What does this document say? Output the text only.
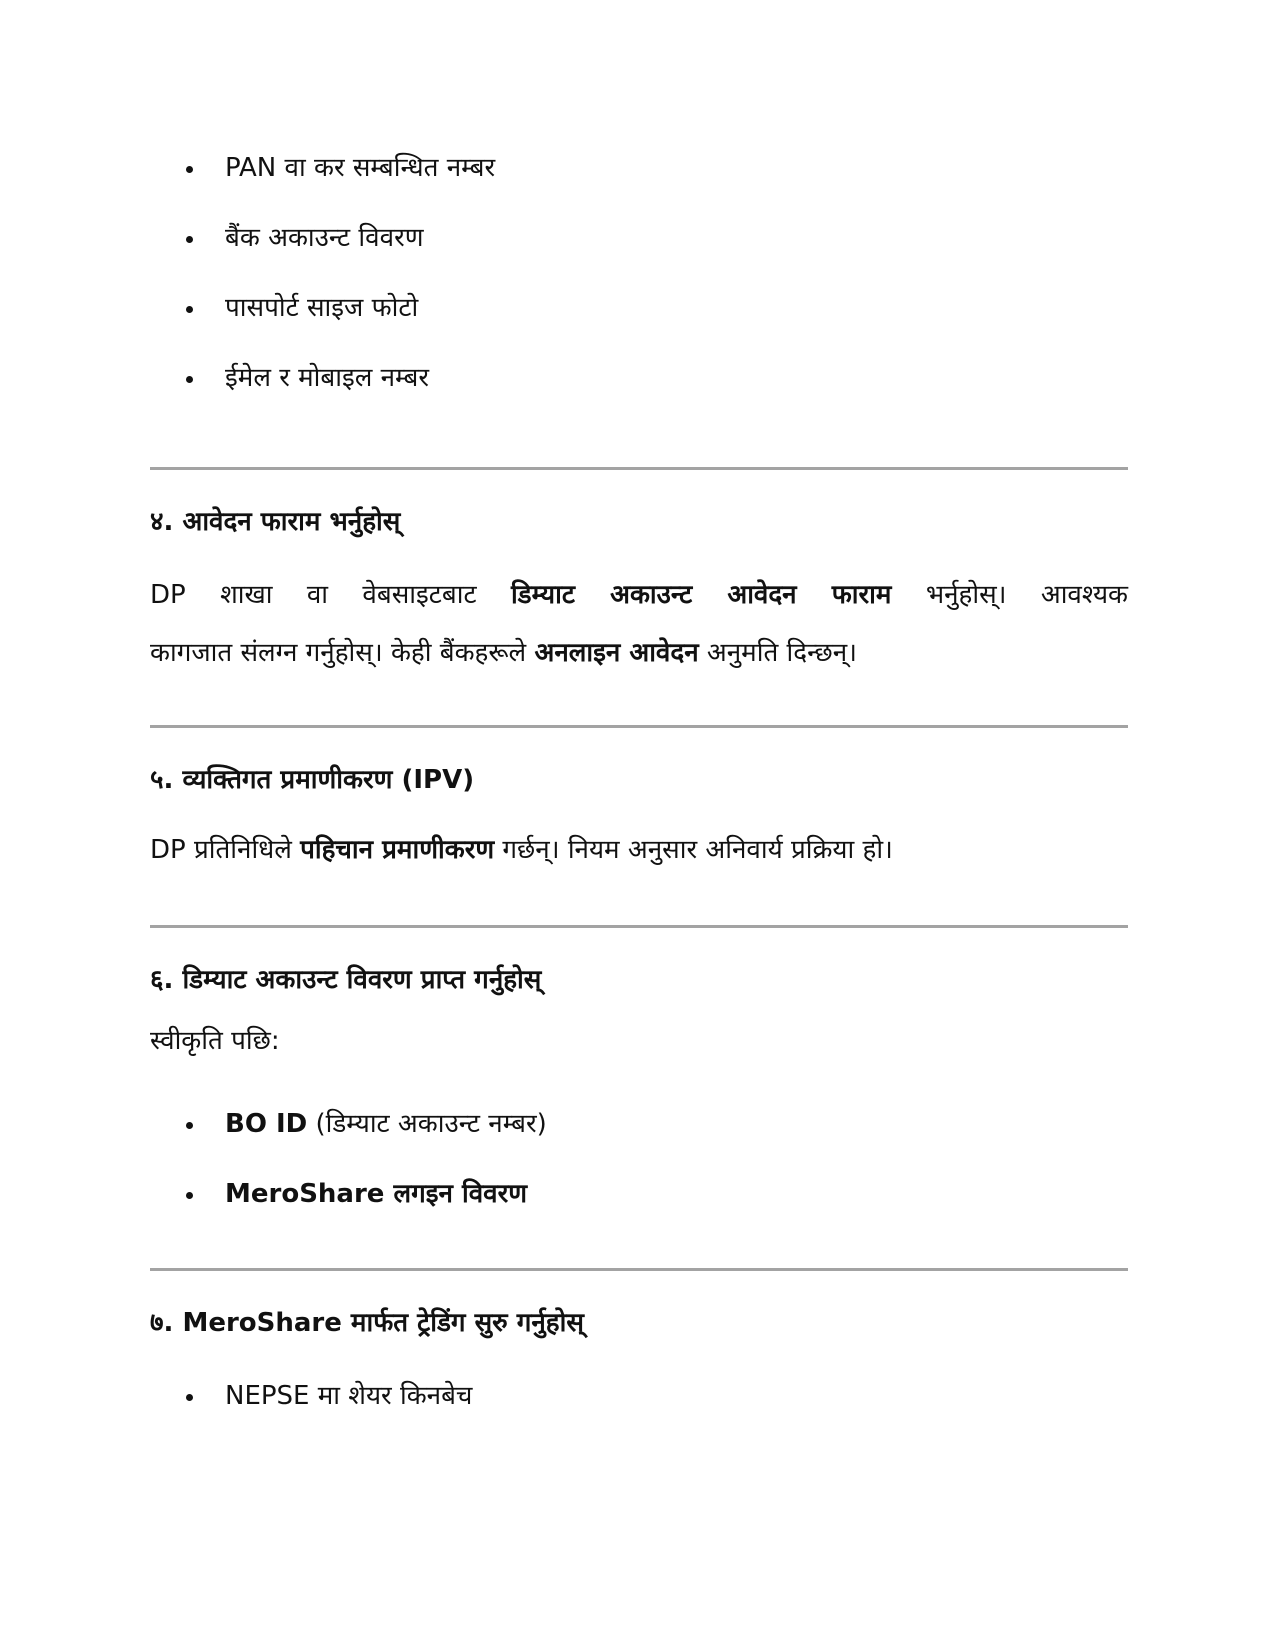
PAN वा कर सम्बन्धित नम्बर
बैंक अकाउन्ट विवरण
पासपोर्ट साइज फोटो
ईमेल र मोबाइल नम्बर
४. आवेदन फाराम भर्नुहोस्
DP शाखा वा वेबसाइटबाट डिम्याट अकाउन्ट आवेदन फाराम भर्नुहोस्। आवश्यक
कागजात संलग्न गर्नुहोस्। केही बैंकहरूले अनलाइन आवेदन अनुमति दिन्छन्।
५. व्यक्तिगत प्रमाणीकरण (IPV)
DP प्रतिनिधिले पहिचान प्रमाणीकरण गर्छन्। नियम अनुसार अनिवार्य प्रक्रिया हो।
६. डिम्याट अकाउन्ट विवरण प्राप्त गर्नुहोस्
स्वीकृति पछि:
BO ID (डिम्याट अकाउन्ट नम्बर)
MeroShare लगइन विवरण
७. MeroShare मार्फत ट्रेडिंग सुरु गर्नुहोस्
NEPSE मा शेयर किनबेच
